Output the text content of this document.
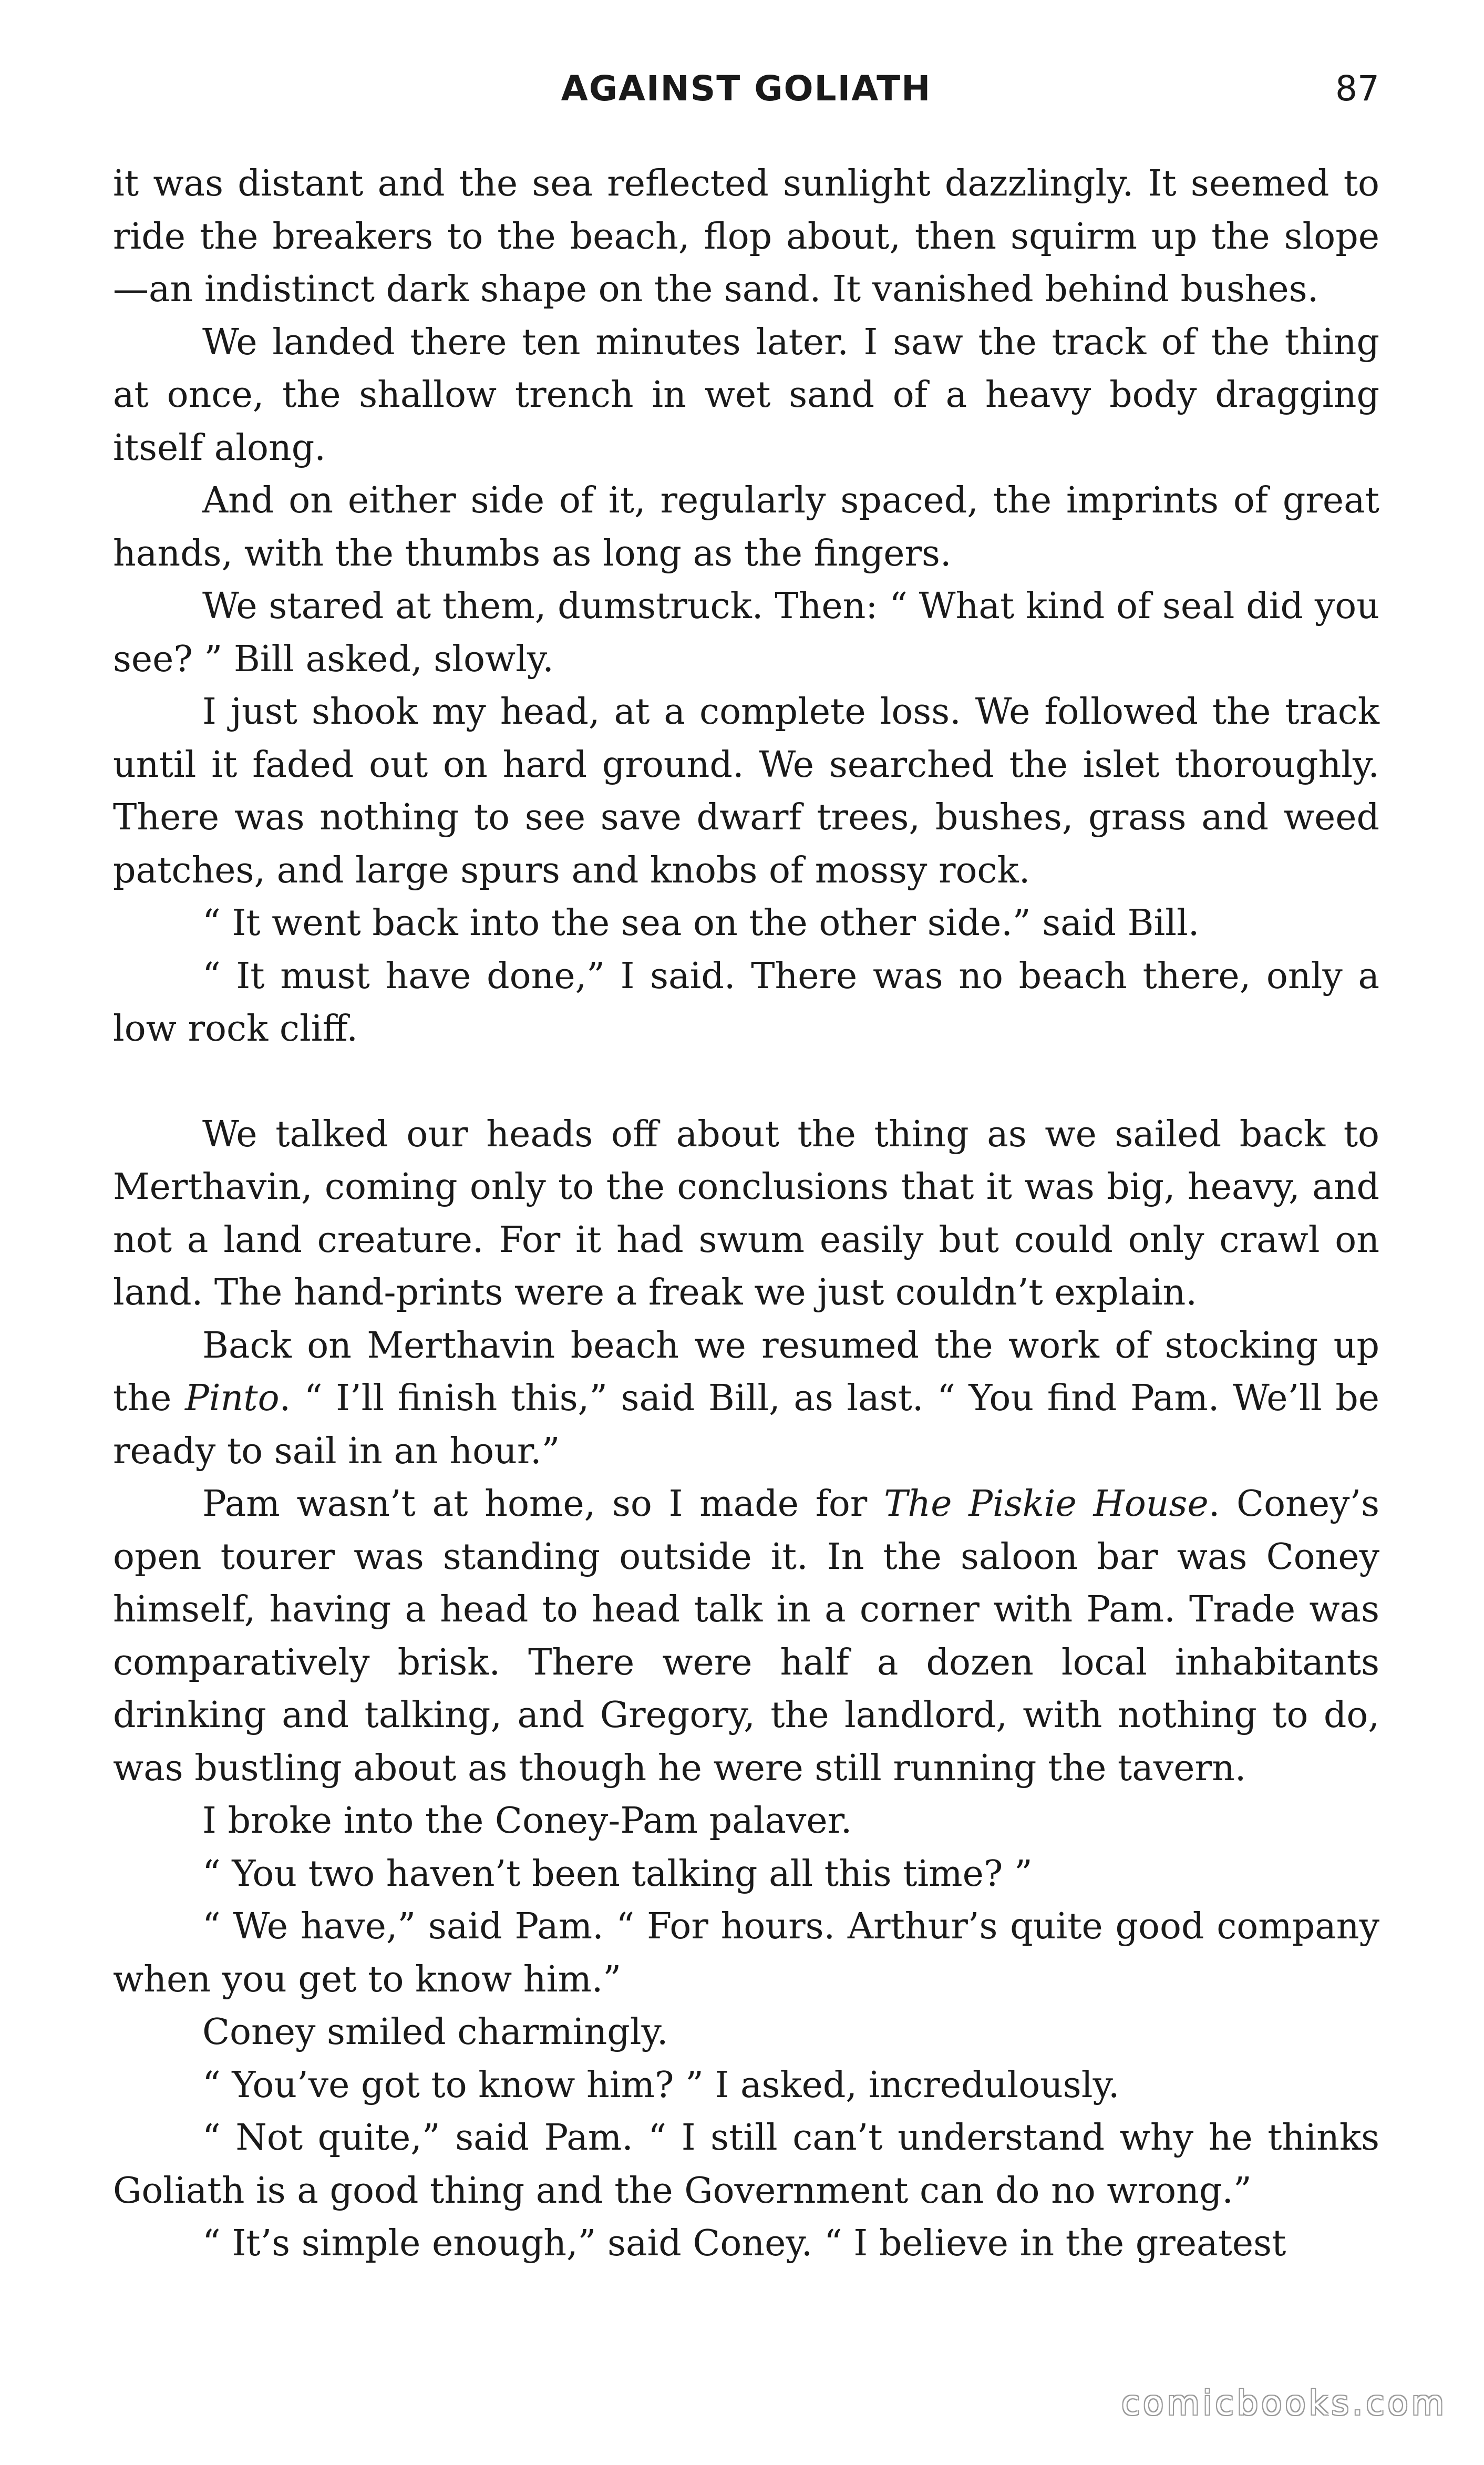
AGAINST GOLIATH	87

it was distant and the sea reflected sunlight dazzlingly. It seemed to ride the breakers to the beach, flop about, then squirm up the slope—an indistinct dark shape on the sand. It vanished behind bushes.

We landed there ten minutes later. I saw the track of the thing at once, the shallow trench in wet sand of a heavy body dragging itself along.

And on either side of it, regularly spaced, the imprints of great hands, with the thumbs as long as the fingers.

We stared at them, dumstruck. Then: “ What kind of seal did you see? ” Bill asked, slowly.

I just shook my head, at a complete loss. We followed the track until it faded out on hard ground. We searched the islet thoroughly. There was nothing to see save dwarf trees, bushes, grass and weed patches, and large spurs and knobs of mossy rock.

“ It went back into the sea on the other side.” said Bill.

“ It must have done,” I said. There was no beach there, only a low rock cliff.

We talked our heads off about the thing as we sailed back to Merthavin, coming only to the conclusions that it was big, heavy, and not a land creature. For it had swum easily but could only crawl on land. The hand-prints were a freak we just couldn’t explain.

Back on Merthavin beach we resumed the work of stocking up the Pinto. “ I’ll finish this,” said Bill, as last. “ You find Pam. We’ll be ready to sail in an hour.”

Pam wasn’t at home, so I made for The Piskie House. Coney’s open tourer was standing outside it. In the saloon bar was Coney himself, having a head to head talk in a corner with Pam. Trade was comparatively brisk. There were half a dozen local inhabitants drinking and talking, and Gregory, the landlord, with nothing to do, was bustling about as though he were still running the tavern.

I broke into the Coney-Pam palaver.

“ You two haven’t been talking all this time? ”

“ We have,” said Pam. “ For hours. Arthur’s quite good company when you get to know him.”

Coney smiled charmingly.

“ You’ve got to know him? ” I asked, incredulously.

“ Not quite,” said Pam. “ I still can’t understand why he thinks Goliath is a good thing and the Government can do no wrong.”

“ It’s simple enough,” said Coney. “ I believe in the greatest

comicbooks.com
